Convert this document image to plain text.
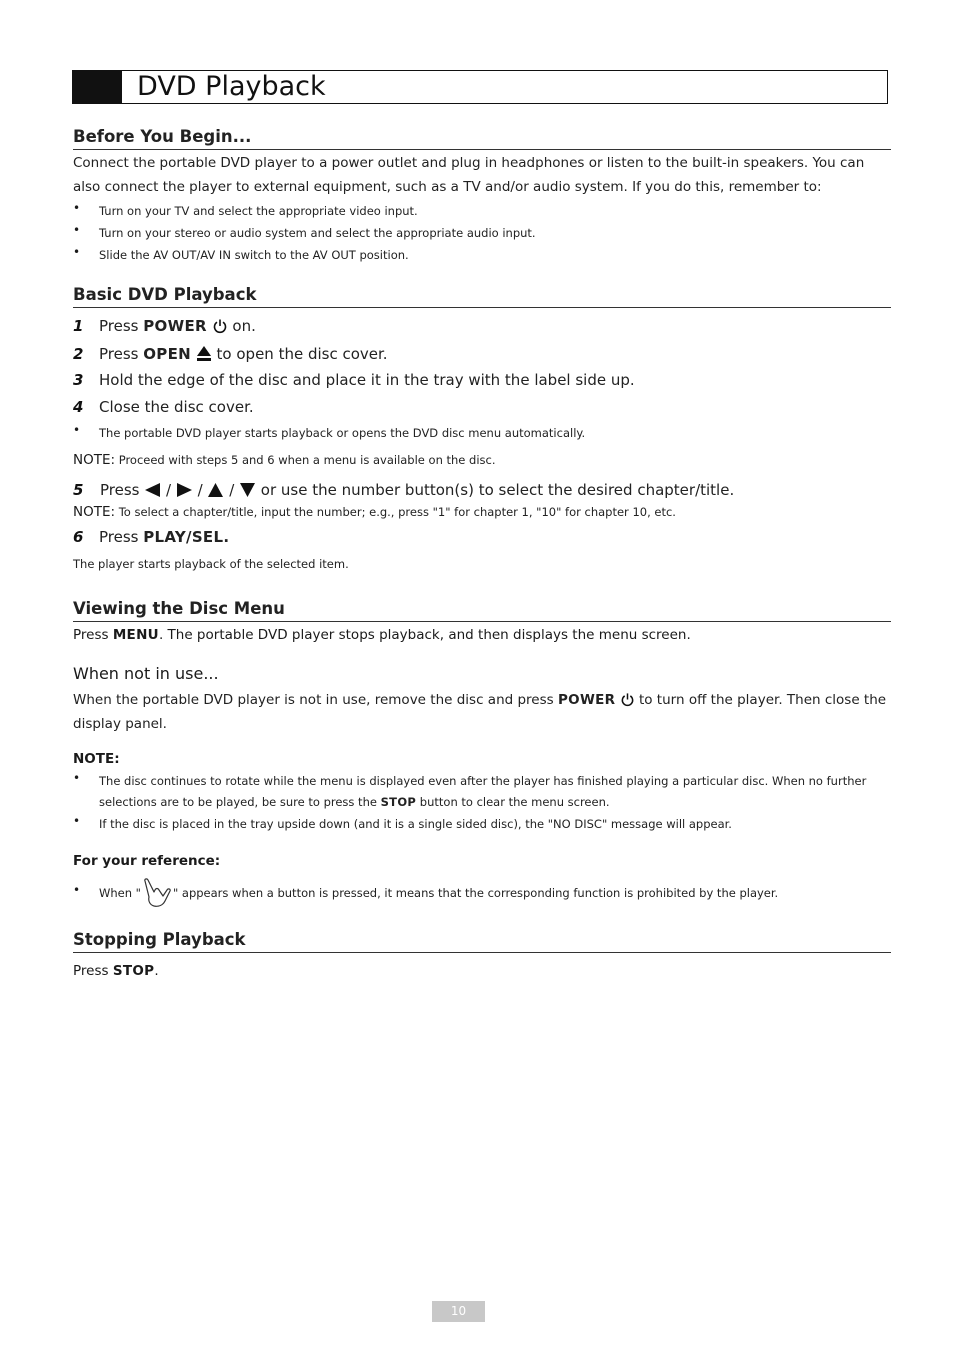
DVD Playback
Before You Begin...
Connect the portable DVD player to a power outlet and plug in headphones or listen to the built-in speakers. You can also connect the player to external equipment, such as a TV and/or audio system. If you do this, remember to:
• Turn on your TV and select the appropriate video input.
• Turn on your stereo or audio system and select the appropriate audio input.
• Slide the AV OUT/AV IN switch to the AV OUT position.
Basic DVD Playback
1 Press POWER  on.
2 Press OPEN  to open the disc cover.
3 Hold the edge of the disc and place it in the tray with the label side up.
4 Close the disc cover.
• The portable DVD player starts playback or opens the DVD disc menu automatically.
NOTE: Proceed with steps 5 and 6 when a menu is available on the disc.
5 Press  /  /  /  or use the number button(s) to select the desired chapter/title.
NOTE: To select a chapter/title, input the number; e.g., press "1" for chapter 1, "10" for chapter 10, etc.
6 Press PLAY/SEL.
The player starts playback of the selected item.
Viewing the Disc Menu
Press MENU. The portable DVD player stops playback, and then displays the menu screen.
When not in use...
When the portable DVD player is not in use, remove the disc and press POWER  to turn off the player. Then close the display panel.
NOTE:
• The disc continues to rotate while the menu is displayed even after the player has finished playing a particular disc. When no further selections are to be played, be sure to press the STOP button to clear the menu screen.
• If the disc is placed in the tray upside down (and it is a single sided disc), the "NO DISC" message will appear.
For your reference:
• When "	" appears when a button is pressed, it means that the corresponding function is prohibited by the player.
Stopping Playback
Press STOP.
10
